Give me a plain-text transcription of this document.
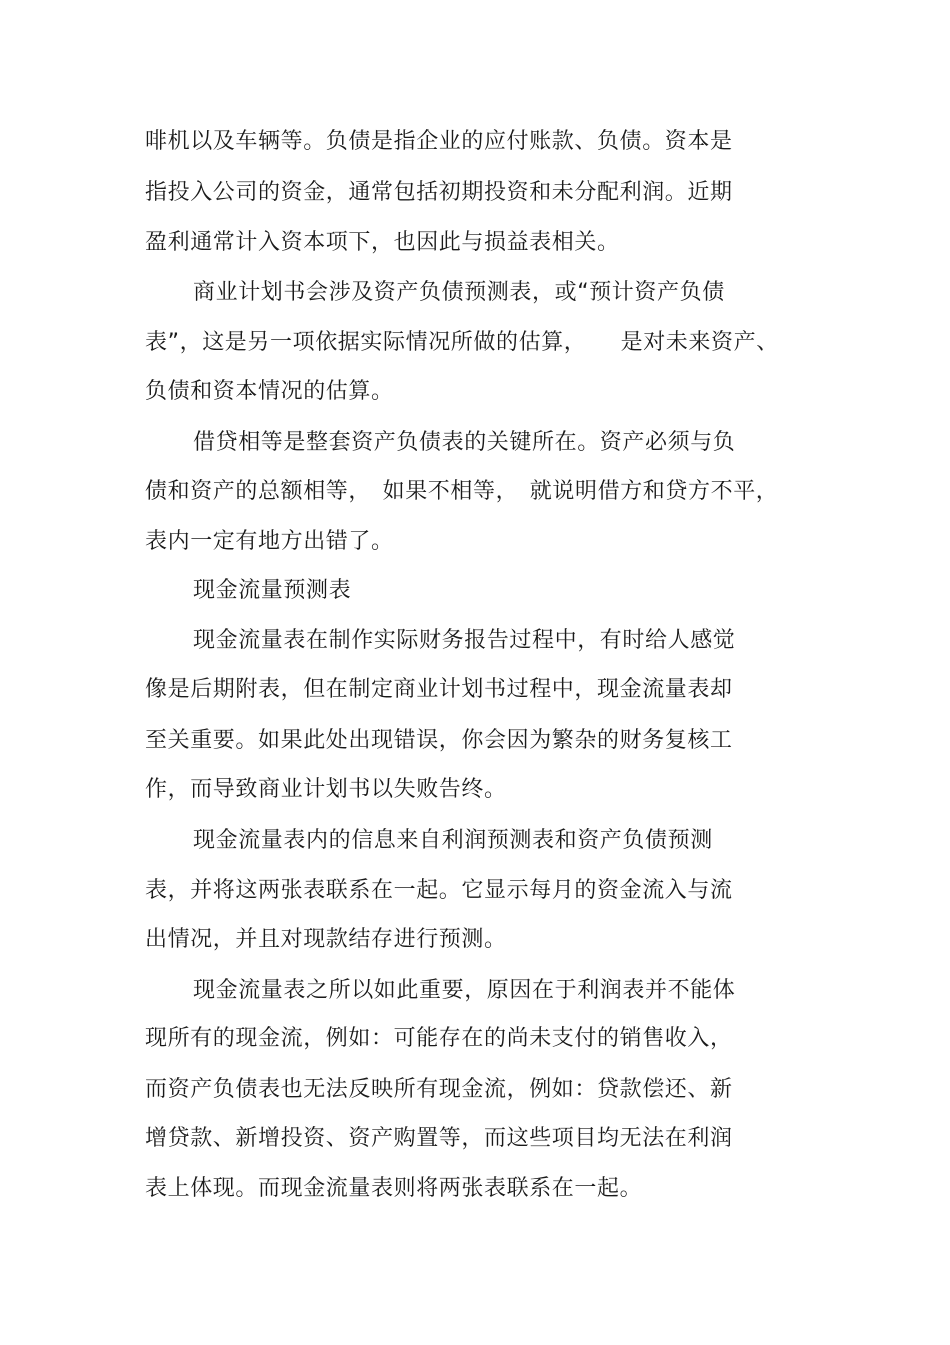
啡机以及车辆等。负债是指企业的应付账款、负债。资本是
指投入公司的资金，通常包括初期投资和未分配利润。近期
盈利通常计入资本项下，也因此与损益表相关。
商业计划书会涉及资产负债预测表，或“预计资产负债
表”，这是另一项依据实际情况所做的估算，　　是对未来资产、
负债和资本情况的估算。
借贷相等是整套资产负债表的关键所在。资产必须与负
债和资产的总额相等，　如果不相等，　就说明借方和贷方不平，
表内一定有地方出错了。
现金流量预测表
现金流量表在制作实际财务报告过程中，有时给人感觉
像是后期附表，但在制定商业计划书过程中，现金流量表却
至关重要。如果此处出现错误，你会因为繁杂的财务复核工
作，而导致商业计划书以失败告终。
现金流量表内的信息来自利润预测表和资产负债预测
表，并将这两张表联系在一起。它显示每月的资金流入与流
出情况，并且对现款结存进行预测。
现金流量表之所以如此重要，原因在于利润表并不能体
现所有的现金流，例如：可能存在的尚未支付的销售收入，
而资产负债表也无法反映所有现金流，例如：贷款偿还、新
增贷款、新增投资、资产购置等，而这些项目均无法在利润
表上体现。而现金流量表则将两张表联系在一起。
